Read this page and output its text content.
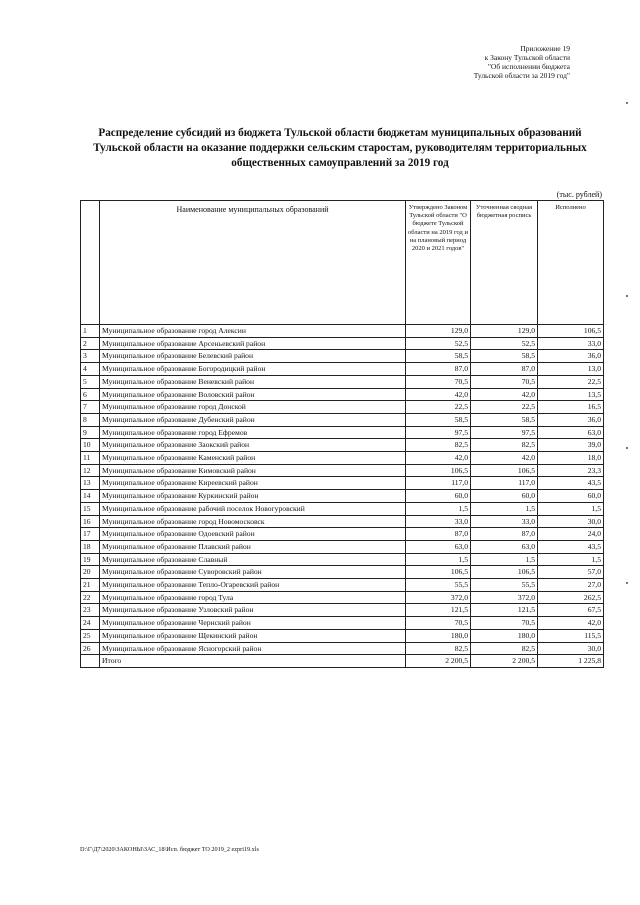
Приложение 19
к Закону Тульской области
"Об исполнении бюджета
Тульской области за 2019 год"
Распределение субсидий из бюджета Тульской области бюджетам муниципальных образований
Тульской области на оказание поддержки сельским старостам, руководителям территориальных
общественных самоуправлений за 2019 год
(тыс. рублей)
	Наименование муниципальных образований	Утверждено Законом Тульской области "О бюджете Тульской области на 2019 год и на плановый период 2020 и 2021 годов"	Уточненная сводная бюджетная роспись	Исполнено
1	Муниципальное образование город Алексин	129,0	129,0	106,5
2	Муниципальное образование Арсеньевский район	52,5	52,5	33,0
3	Муниципальное образование Белевский район	58,5	58,5	36,0
4	Муниципальное образование Богородицкий район	87,0	87,0	13,0
5	Муниципальное образование Веневский район	70,5	70,5	22,5
6	Муниципальное образование Воловский район	42,0	42,0	13,5
7	Муниципальное образование город Донской	22,5	22,5	16,5
8	Муниципальное образование Дубенский район	58,5	58,5	36,0
9	Муниципальное образование город Ефремов	97,5	97,5	63,0
10	Муниципальное образование Заокский район	82,5	82,5	39,0
11	Муниципальное образование Каменский район	42,0	42,0	18,0
12	Муниципальное образование Кимовский район	106,5	106,5	23,3
13	Муниципальное образование Киреевский район	117,0	117,0	43,5
14	Муниципальное образование Куркинский район	60,0	60,0	60,0
15	Муниципальное образование рабочий поселок Новогуровский	1,5	1,5	1,5
16	Муниципальное образование город Новомосковск	33,0	33,0	30,0
17	Муниципальное образование Одоевский район	87,0	87,0	24,0
18	Муниципальное образование Плавский район	63,0	63,0	43,5
19	Муниципальное образование Славный	1,5	1,5	1,5
20	Муниципальное образование Суворовский район	106,5	106,5	57,0
21	Муниципальное образование Тепло-Огаревский район	55,5	55,5	27,0
22	Муниципальное образование город Тула	372,0	372,0	262,5
23	Муниципальное образование Узловский район	121,5	121,5	67,5
24	Муниципальное образование Чернский район	70,5	70,5	42,0
25	Муниципальное образование Щекинский район	180,0	180,0	115,5
26	Муниципальное образование Ясногорский район	82,5	82,5	30,0
	Итого	2 200,5	2 200,5	1 225,8
D:\Г\Д7\2020\ЗАКОНЫ\ЗАС_18\Исп. бюджет ТО 2019_2 ezpri19.xls
